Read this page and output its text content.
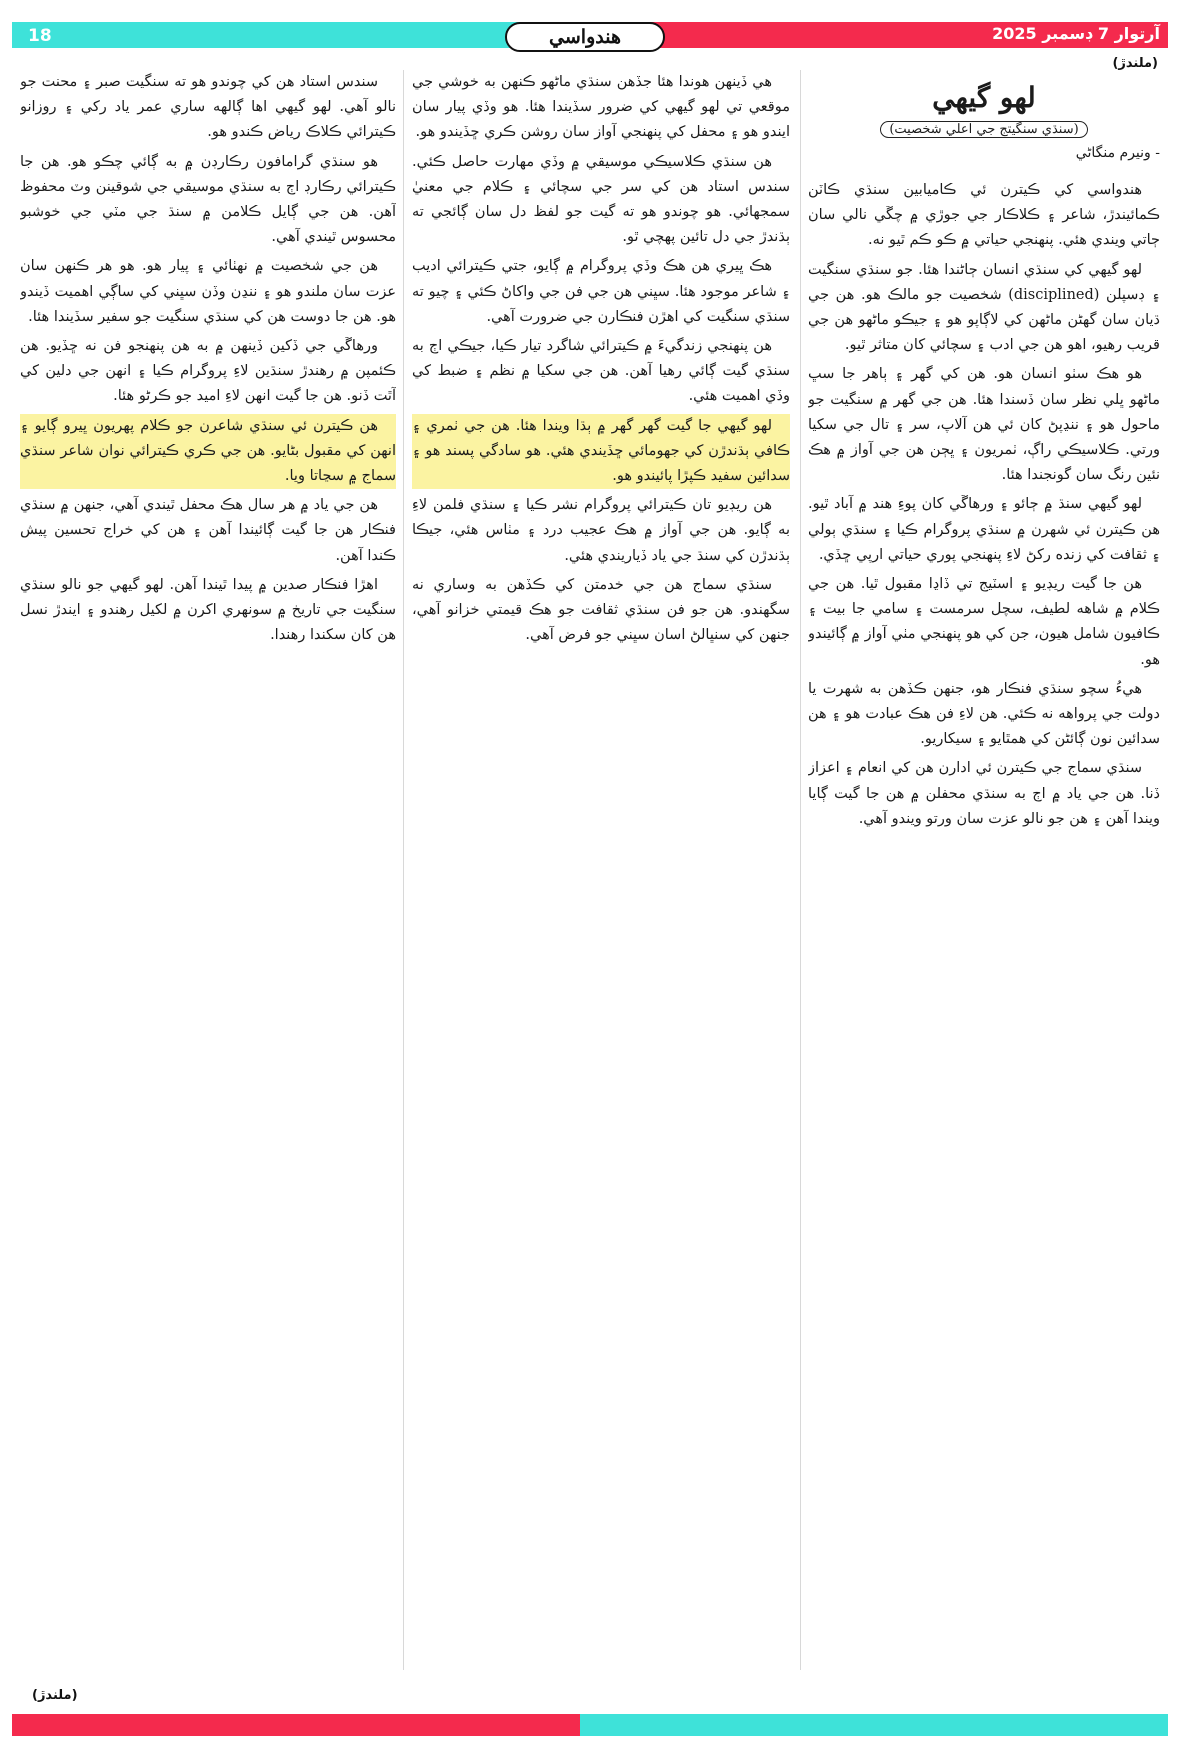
18	هندواسي	آرتوار 7 ڊسمبر 2025
(ملندڙ)
لھو گيھي
(سنڌي سنگيتج جي اعلي شخصيت)
- ونيرم منگاڻي

ھندواسي کي ڪيترن ئي ڪاميابين سنڌي ڪاٽن ڪمائيندڙ، شاعر ۽ ڪلاڪار جي جوڙي ۾ چڱي نالي سان ڄاتي ويندي هئي. پنهنجي حياتي ۾ ڪو ڪم ٿيو نه.

لھو گيھي کي سنڌي انسان ڄاڻندا هئا. جو سنڌي سنگيت ۽ ڊسپلن (disciplined) شخصيت جو مالڪ هو. هن جي ڌيان سان گهڻن ماڻهن کي لاڳاپو هو ۽ جيڪو ماڻهو هن جي قريب رهيو، اهو هن جي ادب ۽ سچائي کان متاثر ٿيو.

هو هڪ سٺو انسان هو. هن کي گهر ۽ ٻاهر جا سڀ ماڻهو ڀلي نظر سان ڏسندا هئا. هن جي گهر ۾ سنگيت جو ماحول هو ۽ ننڍپڻ کان ئي هن آلاپ، سر ۽ تال جي سکيا ورتي. ڪلاسيڪي راڳ، ٺمريون ۽ ڀڄن هن جي آواز ۾ هڪ نئين رنگ سان گونجندا هئا.

لھو گيھي سنڌ ۾ ڄائو ۽ ورهاڱي کان پوءِ هند ۾ آباد ٿيو. هن ڪيترن ئي شهرن ۾ سنڌي پروگرام ڪيا ۽ سنڌي ٻولي ۽ ثقافت کي زنده رکڻ لاءِ پنهنجي پوري حياتي ارپي ڇڏي.

هن جا گيت ريڊيو ۽ اسٽيج تي ڏاڍا مقبول ٿيا. هن جي ڪلام ۾ شاهه لطيف، سچل سرمست ۽ سامي جا بيت ۽ ڪافيون شامل هيون، جن کي هو پنهنجي مٺي آواز ۾ ڳائيندو هو.

هيءُ سچو سنڌي فنڪار هو، جنهن ڪڏهن به شهرت يا دولت جي پرواهه نه ڪئي. هن لاءِ فن هڪ عبادت هو ۽ هن سدائين نون ڳائڻن کي همٿايو ۽ سيکاريو.

سنڌي سماج جي ڪيترن ئي ادارن هن کي انعام ۽ اعزاز ڏنا. هن جي ياد ۾ اڄ به سنڌي محفلن ۾ هن جا گيت ڳايا ويندا آهن ۽ هن جو نالو عزت سان ورتو ويندو آهي.

هي ڏينهن هوندا هئا جڏهن سنڌي ماڻهو ڪنهن به خوشي جي موقعي تي لھو گيھي کي ضرور سڏيندا هئا. هو وڏي پيار سان ايندو هو ۽ محفل کي پنهنجي آواز سان روشن ڪري ڇڏيندو هو.

هن سنڌي ڪلاسيڪي موسيقي ۾ وڏي مهارت حاصل ڪئي. سندس استاد هن کي سر جي سچائي ۽ ڪلام جي معنيٰ سمجهائي. هو چوندو هو ته گيت جو لفظ دل سان ڳائجي ته ٻڌندڙ جي دل تائين پهچي ٿو.

هڪ ڀيري هن هڪ وڏي پروگرام ۾ ڳايو، جتي ڪيترائي اديب ۽ شاعر موجود هئا. سڀني هن جي فن جي واکاڻ ڪئي ۽ چيو ته سنڌي سنگيت کي اهڙن فنڪارن جي ضرورت آهي.

هن پنهنجي زندگيءَ ۾ ڪيترائي شاگرد تيار ڪيا، جيڪي اڄ به سنڌي گيت ڳائي رهيا آهن. هن جي سکيا ۾ نظم ۽ ضبط کي وڏي اهميت هئي.

لھو گيھي جا گيت گھر گھر ۾ ٻڌا ويندا هئا. هن جي ٺمري ۽ ڪافي ٻڌندڙن کي جهومائي ڇڏيندي هئي. هو سادگي پسند هو ۽ سدائين سفيد ڪپڙا پائيندو هو.

هن ريڊيو تان ڪيترائي پروگرام نشر ڪيا ۽ سنڌي فلمن لاءِ به ڳايو. هن جي آواز ۾ هڪ عجيب درد ۽ مٺاس هئي، جيڪا ٻڌندڙن کي سنڌ جي ياد ڏياريندي هئي.

سنڌي سماج هن جي خدمتن کي ڪڏهن به وساري نه سگهندو. هن جو فن سنڌي ثقافت جو هڪ قيمتي خزانو آهي، جنهن کي سنڀالڻ اسان سڀني جو فرض آهي.

سندس استاد هن کي چوندو هو ته سنگيت صبر ۽ محنت جو نالو آهي. لھو گيھي اها ڳالهه ساري عمر ياد رکي ۽ روزانو ڪيترائي ڪلاڪ رياض ڪندو هو.

هو سنڌي گرامافون رڪارڊن ۾ به ڳائي چڪو هو. هن جا ڪيترائي رڪارڊ اڄ به سنڌي موسيقي جي شوقينن وٽ محفوظ آهن. هن جي ڳايل ڪلامن ۾ سنڌ جي مٽي جي خوشبو محسوس ٿيندي آهي.

هن جي شخصيت ۾ نهٺائي ۽ پيار هو. هو هر ڪنهن سان عزت سان ملندو هو ۽ ننڍن وڏن سڀني کي ساڳي اهميت ڏيندو هو. هن جا دوست هن کي سنڌي سنگيت جو سفير سڏيندا هئا.

ورهاڱي جي ڏکين ڏينهن ۾ به هن پنهنجو فن نه ڇڏيو. هن ڪئمپن ۾ رهندڙ سنڌين لاءِ پروگرام ڪيا ۽ انهن جي دلين کي آٿت ڏنو. هن جا گيت انهن لاءِ اميد جو ڪرڻو هئا.

هن ڪيترن ئي سنڌي شاعرن جو ڪلام پهريون ڀيرو ڳايو ۽ انهن کي مقبول بڻايو. هن جي ڪري ڪيترائي نوان شاعر سنڌي سماج ۾ سڃاتا ويا.

هن جي ياد ۾ هر سال هڪ محفل ٿيندي آهي، جنهن ۾ سنڌي فنڪار هن جا گيت ڳائيندا آهن ۽ هن کي خراج تحسين پيش ڪندا آهن.

اهڙا فنڪار صدين ۾ پيدا ٿيندا آهن. لھو گيھي جو نالو سنڌي سنگيت جي تاريخ ۾ سونهري اکرن ۾ لکيل رهندو ۽ ايندڙ نسل هن کان سکندا رهندا.

(ملندڙ)
